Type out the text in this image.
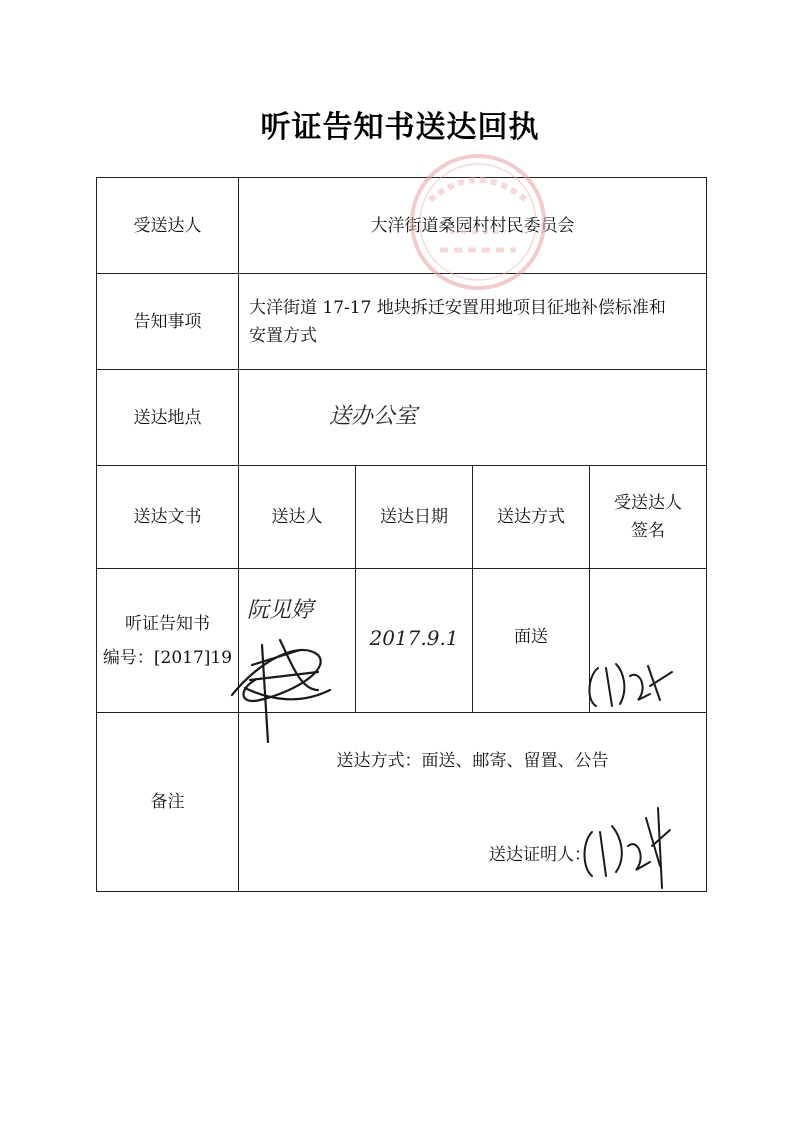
听证告知书送达回执
受送达人	大洋街道桑园村村民委员会			
告知事项	大洋街道 17-17 地块拆迁安置用地项目征地补偿标准和
安置方式			

送达地点	送办公室			
送达文书	送达人	送达日期	送达方式	受送达人
签名

听证告知书
编号：[2017]19	阮见婷	2017.9.1	面送	

备注	送达方式：面送、邮寄、留置、公告
送达证明人：			
